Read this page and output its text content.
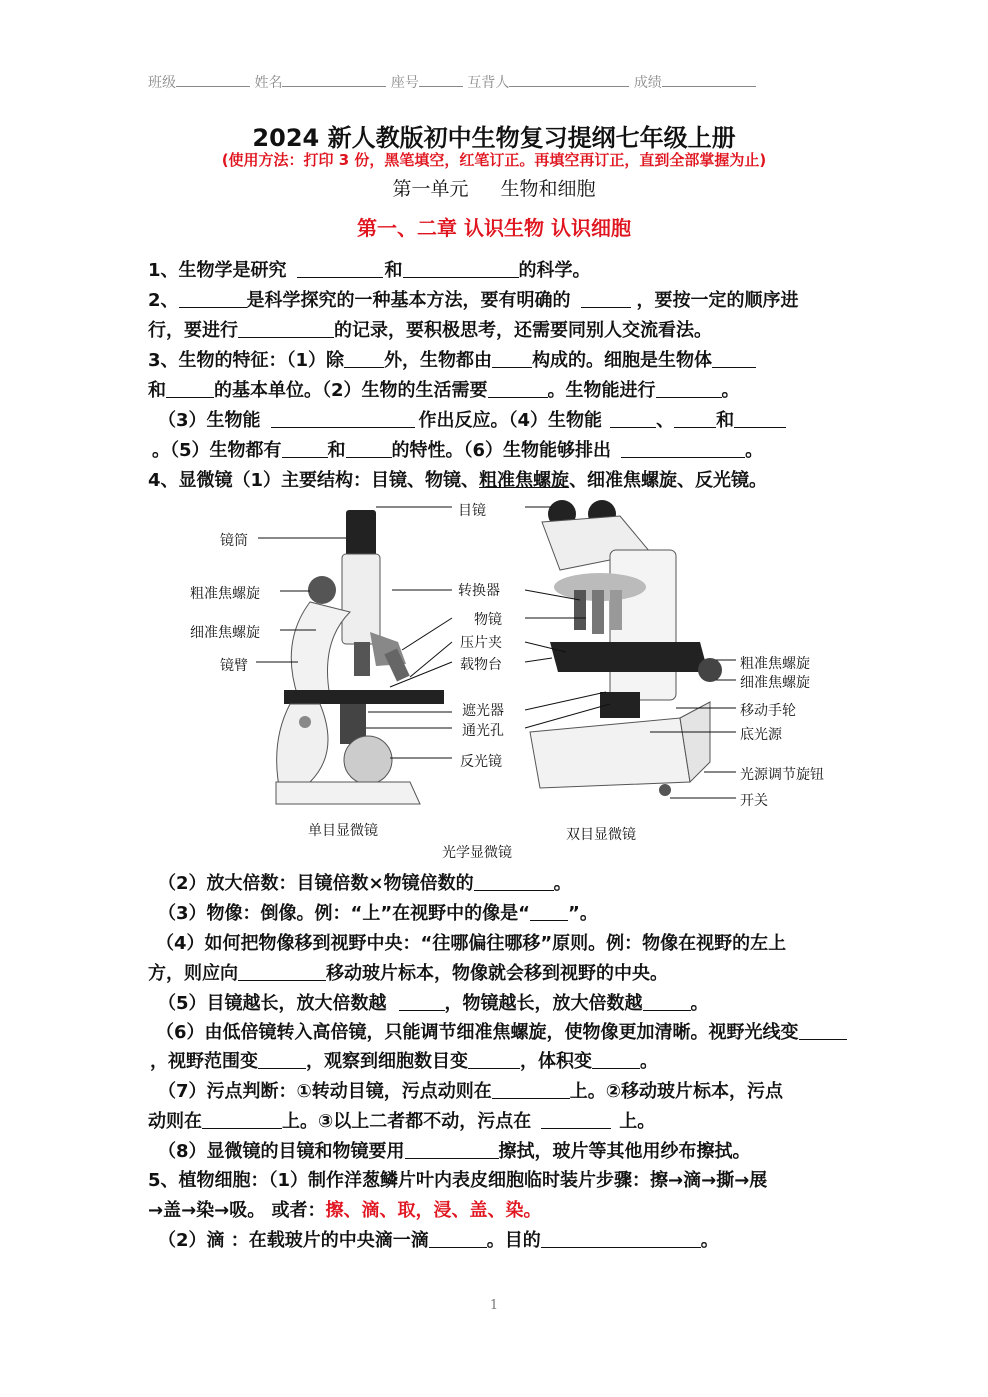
班级	姓名	座号	互背人	成绩
2024 新人教版初中生物复习提纲七年级上册
(使用方法：打印 3 份，黑笔填空，红笔订正。再填空再订正，直到全部掌握为止)
第一单元 生物和细胞
第一、二章 认识生物 认识细胞
1、生物学是研究	和	的科学。
2、	是科学探究的一种基本方法，要有明确的	，要按一定的顺序进
行，要进行	的记录，要积极思考，还需要同别人交流看法。
3、生物的特征：（1）除 外，生物都由 构成的。细胞是生物体
和	的基本单位。（2）生物的生活需要	。生物能进行	。
（3）生物能	作出反应。（4）生物能	、 和
。（5）生物都有	和	的特性。（6）生物能够排出	。
4、显微镜（1）主要结构：目镜、物镜、粗准焦螺旋、细准焦螺旋、反光镜。
镜筒
粗准焦螺旋
细准焦螺旋
镜臂
目镜
转换器
物镜
压片夹
载物台
遮光器
通光孔
反光镜
粗准焦螺旋
细准焦螺旋
移动手轮
底光源
光源调节旋钮
开关
单目显微镜	双目显微镜
光学显微镜
（2）放大倍数：目镜倍数×物镜倍数的	。
（3）物像：倒像。例：“上”在视野中的像是“ ”。
（4）如何把物像移到视野中央：“往哪偏往哪移”原则。例：物像在视野的左上
方，则应向	移动玻片标本，物像就会移到视野的中央。
（5）目镜越长，放大倍数越	，物镜越长，放大倍数越	。
（6）由低倍镜转入高倍镜，只能调节细准焦螺旋，使物像更加清晰。视野光线变
，视野范围变	，观察到细胞数目变	，体积变	。
（7）污点判断：①转动目镜，污点动则在	上。②移动玻片标本，污点
动则在	上。③以上二者都不动，污点在	上。
（8）显微镜的目镜和物镜要用	擦拭，玻片等其他用纱布擦拭。
5、植物细胞：（1）制作洋葱鳞片叶内表皮细胞临时装片步骤：擦→滴→撕→展
→盖→染→吸。 或者：擦、滴、取，浸、盖、染。
（2）滴 ：在载玻片的中央滴一滴	。目的	。
1
